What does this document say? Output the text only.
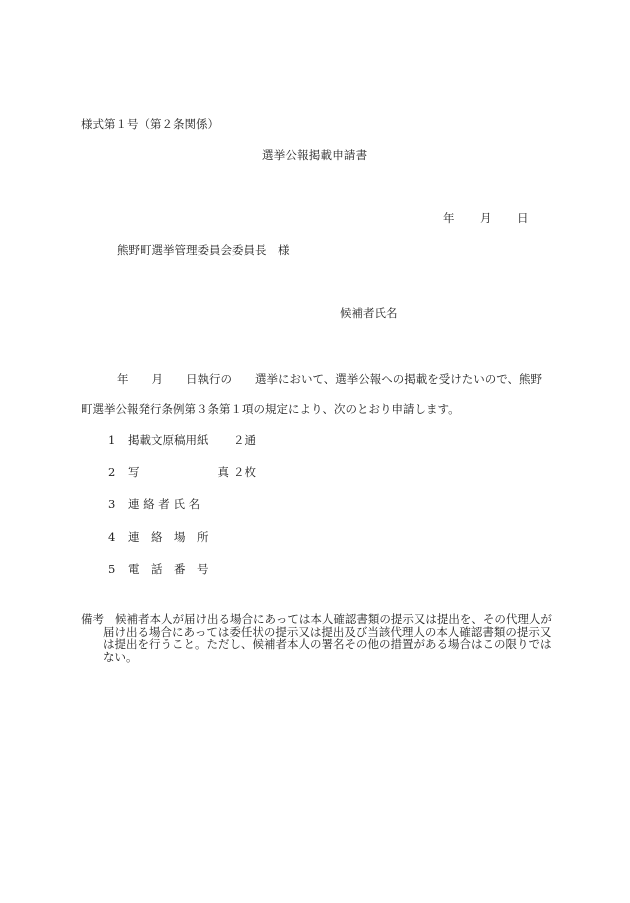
様式第１号（第２条関係）
選挙公報掲載申請書
年 月 日
熊野町選挙管理委員会委員長　様
候補者氏名
年　　月　　日執行の　　選挙において、選挙公報への掲載を受けたいので、熊野
町選挙公報発行条例第３条第１項の規定により、次のとおり申請します。
1 掲載文原稿用紙 ２通
2 写真 ２枚
3 連 絡 者 氏 名
4 連　絡　場　所
5 電　話　番　号
備考 候補者本人が届け出る場合にあっては本人確認書類の提示又は提出を、その代理人が届け出る場合にあっては委任状の提示又は提出及び当該代理人の本人確認書類の提示又は提出を行うこと。ただし、候補者本人の署名その他の措置がある場合はこの限りではない。
